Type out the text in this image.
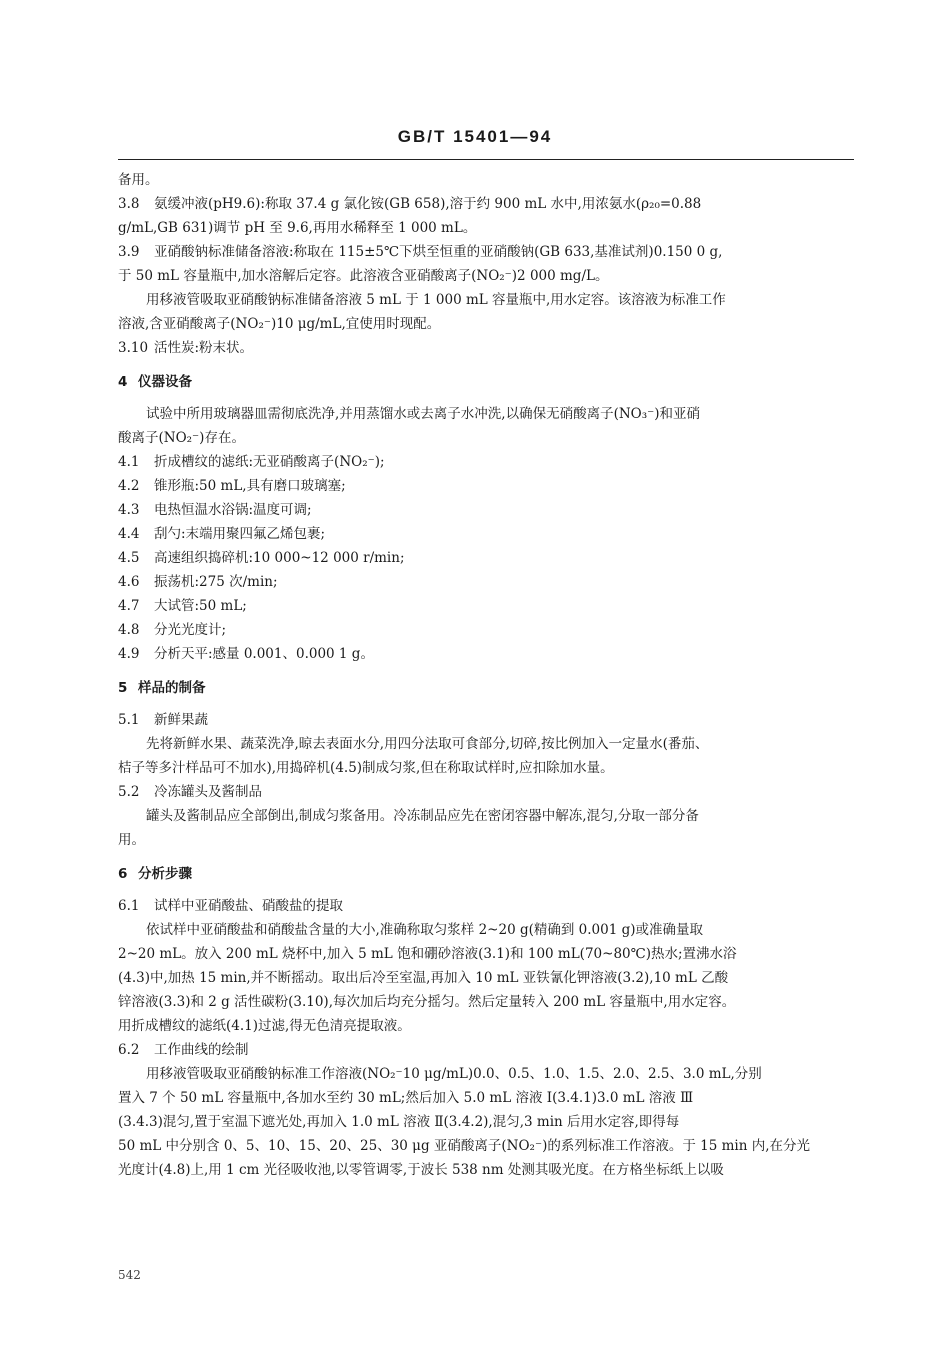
GB/T 15401—94
备用。
3.8 氨缓冲液(pH9.6):称取 37.4 g 氯化铵(GB 658),溶于约 900 mL 水中,用浓氨水(ρ₂₀=0.88
g/mL,GB 631)调节 pH 至 9.6,再用水稀释至 1 000 mL。
3.9 亚硝酸钠标准储备溶液:称取在 115±5℃下烘至恒重的亚硝酸钠(GB 633,基准试剂)0.150 0 g,
于 50 mL 容量瓶中,加水溶解后定容。此溶液含亚硝酸离子(NO₂⁻)2 000 mg/L。
用移液管吸取亚硝酸钠标准储备溶液 5 mL 于 1 000 mL 容量瓶中,用水定容。该溶液为标准工作
溶液,含亚硝酸离子(NO₂⁻)10 μg/mL,宜使用时现配。
3.10 活性炭:粉末状。
4 仪器设备
试验中所用玻璃器皿需彻底洗净,并用蒸馏水或去离子水冲洗,以确保无硝酸离子(NO₃⁻)和亚硝
酸离子(NO₂⁻)存在。
4.1 折成槽纹的滤纸:无亚硝酸离子(NO₂⁻);
4.2 锥形瓶:50 mL,具有磨口玻璃塞;
4.3 电热恒温水浴锅:温度可调;
4.4 刮勺:末端用聚四氟乙烯包裹;
4.5 高速组织捣碎机:10 000~12 000 r/min;
4.6 振荡机:275 次/min;
4.7 大试管:50 mL;
4.8 分光光度计;
4.9 分析天平:感量 0.001、0.000 1 g。
5 样品的制备
5.1 新鲜果蔬
先将新鲜水果、蔬菜洗净,晾去表面水分,用四分法取可食部分,切碎,按比例加入一定量水(番茄、
桔子等多汁样品可不加水),用捣碎机(4.5)制成匀浆,但在称取试样时,应扣除加水量。
5.2 冷冻罐头及酱制品
罐头及酱制品应全部倒出,制成匀浆备用。冷冻制品应先在密闭容器中解冻,混匀,分取一部分备
用。
6 分析步骤
6.1 试样中亚硝酸盐、硝酸盐的提取
依试样中亚硝酸盐和硝酸盐含量的大小,准确称取匀浆样 2~20 g(精确到 0.001 g)或准确量取
2~20 mL。放入 200 mL 烧杯中,加入 5 mL 饱和硼砂溶液(3.1)和 100 mL(70~80℃)热水;置沸水浴
(4.3)中,加热 15 min,并不断摇动。取出后冷至室温,再加入 10 mL 亚铁氰化钾溶液(3.2),10 mL 乙酸
锌溶液(3.3)和 2 g 活性碳粉(3.10),每次加后均充分摇匀。然后定量转入 200 mL 容量瓶中,用水定容。
用折成槽纹的滤纸(4.1)过滤,得无色清亮提取液。
6.2 工作曲线的绘制
用移液管吸取亚硝酸钠标准工作溶液(NO₂⁻10 μg/mL)0.0、0.5、1.0、1.5、2.0、2.5、3.0 mL,分别
置入 7 个 50 mL 容量瓶中,各加水至约 30 mL;然后加入 5.0 mL 溶液 Ⅰ(3.4.1)3.0 mL 溶液 Ⅲ
(3.4.3)混匀,置于室温下遮光处,再加入 1.0 mL 溶液 Ⅱ(3.4.2),混匀,3 min 后用水定容,即得每
50 mL 中分别含 0、5、10、15、20、25、30 μg 亚硝酸离子(NO₂⁻)的系列标准工作溶液。于 15 min 内,在分光
光度计(4.8)上,用 1 cm 光径吸收池,以零管调零,于波长 538 nm 处测其吸光度。在方格坐标纸上以吸
542
